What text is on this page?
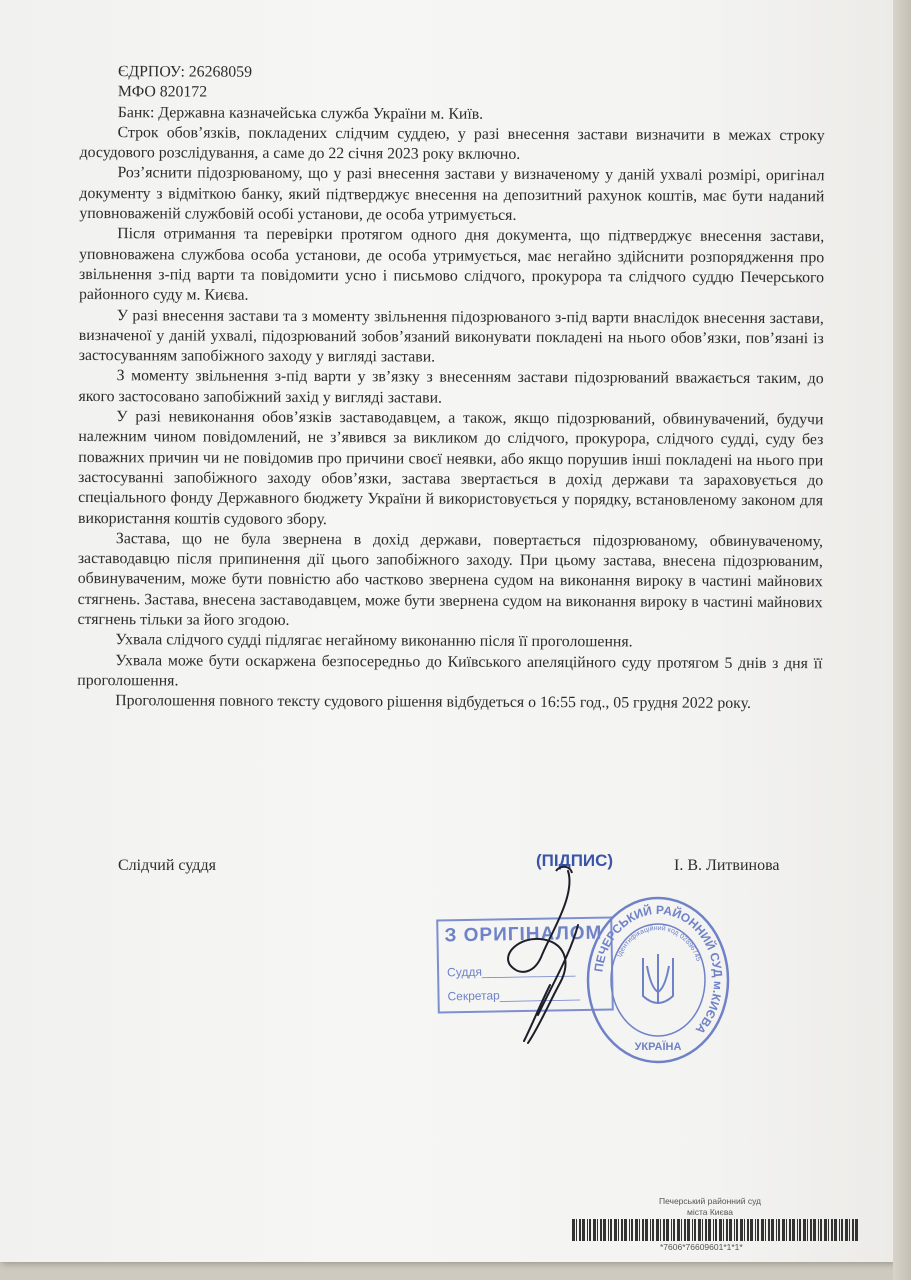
ЄДРПОУ: 26268059

МФО 820172

Банк: Державна казначейська служба України м. Київ.

Строк обов’язків, покладених слідчим суддею, у разі внесення застави визначити в межах строку досудового розслідування, а саме до 22 січня 2023 року включно.

Роз’яснити підозрюваному, що у разі внесення застави у визначеному у даній ухвалі розмірі, оригінал документу з відміткою банку, який підтверджує внесення на депозитний рахунок коштів, має бути наданий уповноваженій службовій особі установи, де особа утримується.

Після отримання та перевірки протягом одного дня документа, що підтверджує внесення застави, уповноважена службова особа установи, де особа утримується, має негайно здійснити розпорядження про звільнення з-під варти та повідомити усно і письмово слідчого, прокурора та слідчого суддю Печерського районного суду м. Києва.

У разі внесення застави та з моменту звільнення підозрюваного з-під варти внаслідок внесення застави, визначеної у даній ухвалі, підозрюваний зобов’язаний виконувати покладені на нього обов’язки, пов’язані із застосуванням запобіжного заходу у вигляді застави.

З моменту звільнення з-під варти у зв’язку з внесенням застави підозрюваний вважається таким, до якого застосовано запобіжний захід у вигляді застави.

У разі невиконання обов’язків заставодавцем, а також, якщо підозрюваний, обвинувачений, будучи належним чином повідомлений, не з’явився за викликом до слідчого, прокурора, слідчого судді, суду без поважних причин чи не повідомив про причини своєї неявки, або якщо порушив інші покладені на нього при застосуванні запобіжного заходу обов’язки, застава звертається в дохід держави та зараховується до спеціального фонду Державного бюджету України й використовується у порядку, встановленому законом для використання коштів судового збору.

Застава, що не була звернена в дохід держави, повертається підозрюваному, обвинуваченому, заставодавцю після припинення дії цього запобіжного заходу. При цьому застава, внесена підозрюваним, обвинуваченим, може бути повністю або частково звернена судом на виконання вироку в частині майнових стягнень. Застава, внесена заставодавцем, може бути звернена судом на виконання вироку в частині майнових стягнень тільки за його згодою.

Ухвала слідчого судді підлягає негайному виконанню після її проголошення.

Ухвала може бути оскаржена безпосередньо до Київського апеляційного суду протягом 5 днів з дня її проголошення.

Проголошення повного тексту судового рішення відбудеться о 16:55 год., 05 грудня 2022 року.

Слідчий суддя	(ПІДПИС)	І. В. Литвинова
З ОРИГІНАЛОМ
Суддя______________
Секретар____________
ПЕЧЕРСЬКИЙ РАЙОННИЙ СУД м.КИЄВА
Ідентифікаційний код 02896745
УКРАЇНА
Печерський районний суд
міста Києва
*7606*76609601*1*1*
